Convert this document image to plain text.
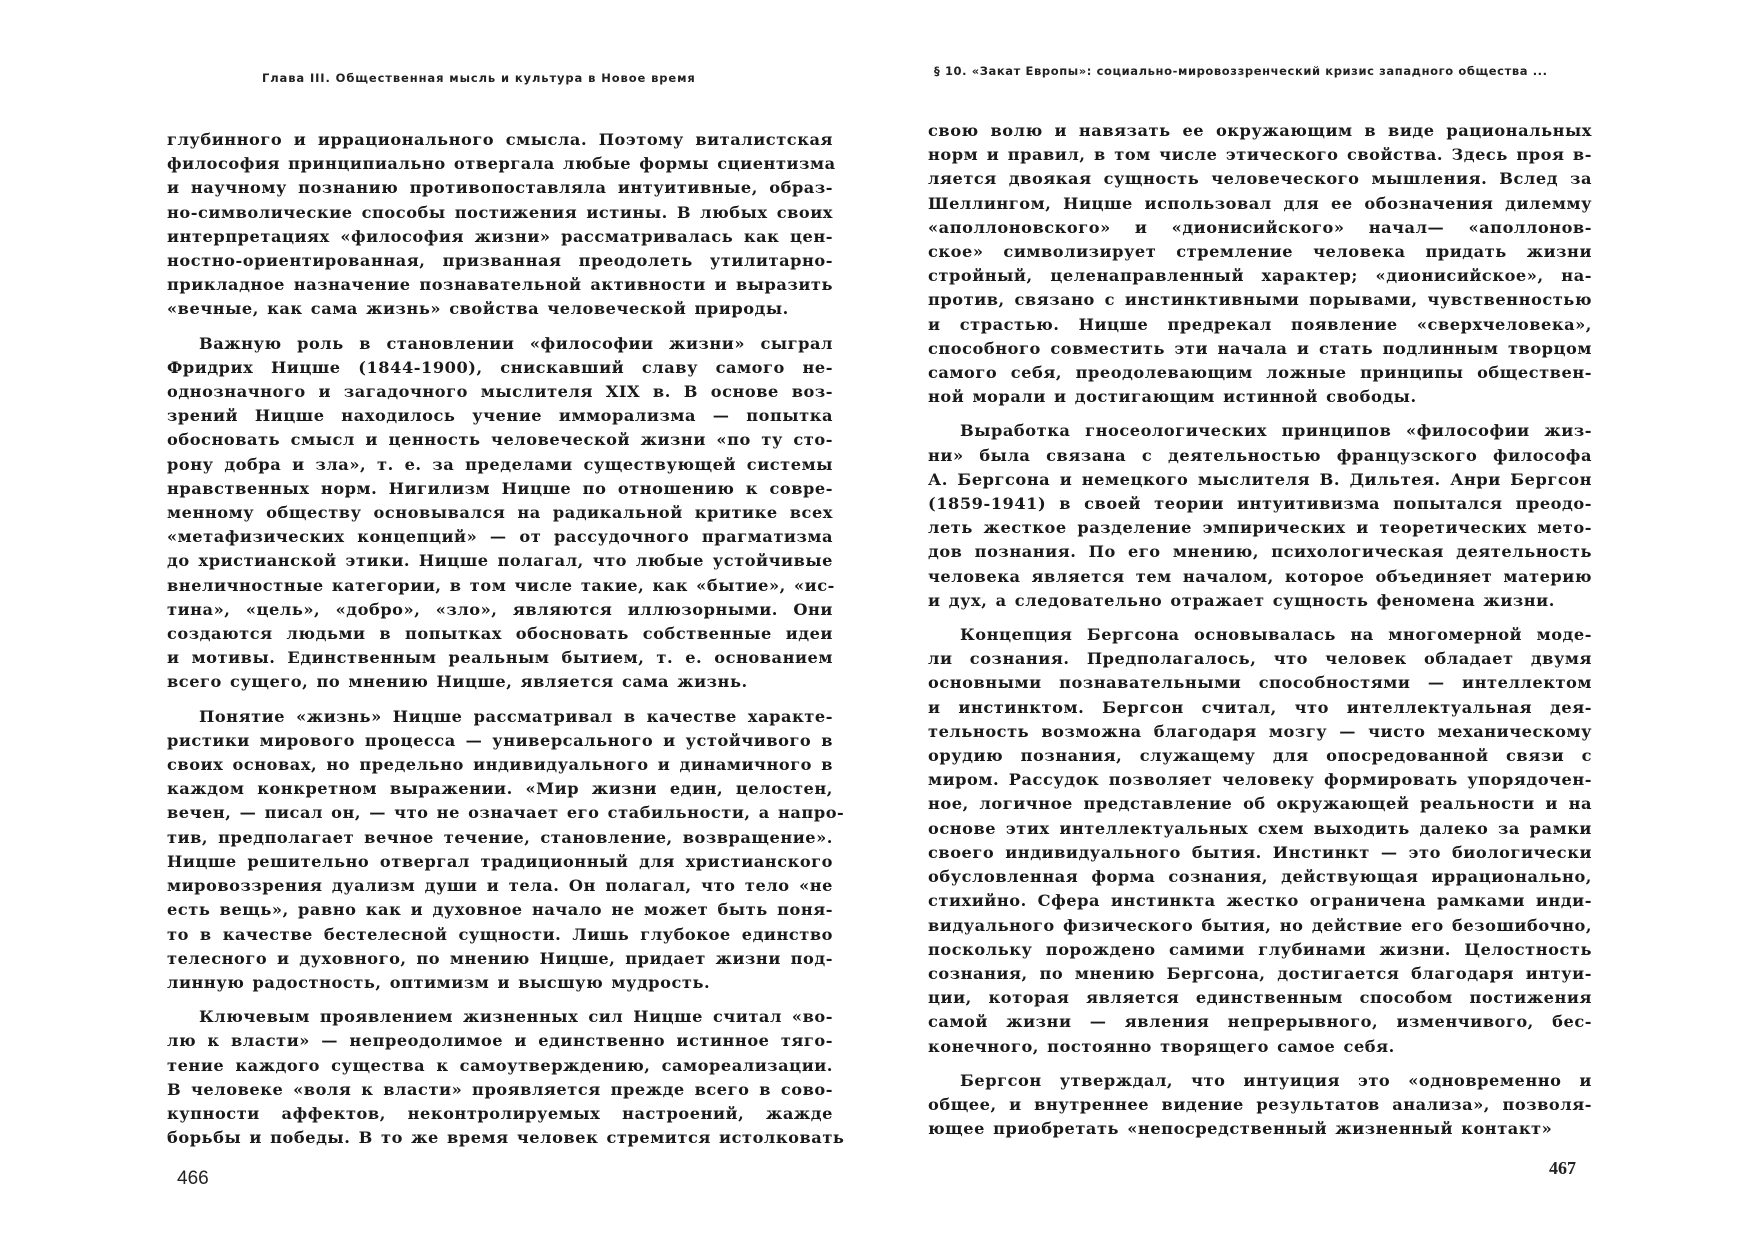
Глава III. Общественная мысль и культура в Новое время

глубинного и иррационального смысла. Поэтому виталистская
философия принципиально отвергала любые формы сциентизма
и научному познанию противопоставляла интуитивные, образ-
но-символические способы постижения истины. В любых своих
интерпретациях «философия жизни» рассматривалась как цен-
ностно-ориентированная, призванная преодолеть утилитарно-
прикладное назначение познавательной активности и выразить
«вечные, как сама жизнь» свойства человеческой природы.

Важную роль в становлении «философии жизни» сыграл
Фридрих Ницше (1844-1900), снискавший славу самого не-
однозначного и загадочного мыслителя XIX в. В основе воз-
зрений Ницше находилось учение имморализма — попытка
обосновать смысл и ценность человеческой жизни «по ту сто-
рону добра и зла», т. е. за пределами существующей системы
нравственных норм. Нигилизм Ницше по отношению к совре-
менному обществу основывался на радикальной критике всех
«метафизических концепций» — от рассудочного прагматизма
до христианской этики. Ницше полагал, что любые устойчивые
внеличностные категории, в том числе такие, как «бытие», «ис-
тина», «цель», «добро», «зло», являются иллюзорными. Они
создаются людьми в попытках обосновать собственные идеи
и мотивы. Единственным реальным бытием, т. е. основанием
всего сущего, по мнению Ницше, является сама жизнь.

Понятие «жизнь» Ницше рассматривал в качестве характе-
ристики мирового процесса — универсального и устойчивого в
своих основах, но предельно индивидуального и динамичного в
каждом конкретном выражении. «Мир жизни един, целостен,
вечен, — писал он, — что не означает его стабильности, а напро-
тив, предполагает вечное течение, становление, возвращение».
Ницше решительно отвергал традиционный для христианского
мировоззрения дуализм души и тела. Он полагал, что тело «не
есть вещь», равно как и духовное начало не может быть поня-
то в качестве бестелесной сущности. Лишь глубокое единство
телесного и духовного, по мнению Ницше, придает жизни под-
линную радостность, оптимизм и высшую мудрость.

Ключевым проявлением жизненных сил Ницше считал «во-
лю к власти» — непреодолимое и единственно истинное тяго-
тение каждого существа к самоутверждению, самореализации.
В человеке «воля к власти» проявляется прежде всего в сово-
купности аффектов, неконтролируемых настроений, жажде
борьбы и победы. В то же время человек стремится истолковать

466
§ 10. «Закат Европы»: социально-мировоззренческий кризис западного общества ...

свою волю и навязать ее окружающим в виде рациональных
норм и правил, в том числе этического свойства. Здесь проя в-
ляется двоякая сущность человеческого мышления. Вслед за
Шеллингом, Ницше использовал для ее обозначения дилемму
«аполлоновского» и «дионисийского» начал— «аполлонов-
ское» символизирует стремление человека придать жизни
стройный, целенаправленный характер; «дионисийское», на-
против, связано с инстинктивными порывами, чувственностью
и страстью. Ницше предрекал появление «сверхчеловека»,
способного совместить эти начала и стать подлинным творцом
самого себя, преодолевающим ложные принципы обществен-
ной морали и достигающим истинной свободы.

Выработка гносеологических принципов «философии жиз-
ни» была связана с деятельностью французского философа
А. Бергсона и немецкого мыслителя В. Дильтея. Анри Бергсон
(1859-1941) в своей теории интуитивизма попытался преодо-
леть жесткое разделение эмпирических и теоретических мето-
дов познания. По его мнению, психологическая деятельность
человека является тем началом, которое объединяет материю
и дух, а следовательно отражает сущность феномена жизни.

Концепция Бергсона основывалась на многомерной моде-
ли сознания. Предполагалось, что человек обладает двумя
основными познавательными способностями — интеллектом
и инстинктом. Бергсон считал, что интеллектуальная дея-
тельность возможна благодаря мозгу — чисто механическому
орудию познания, служащему для опосредованной связи с
миром. Рассудок позволяет человеку формировать упорядочен-
ное, логичное представление об окружающей реальности и на
основе этих интеллектуальных схем выходить далеко за рамки
своего индивидуального бытия. Инстинкт — это биологически
обусловленная форма сознания, действующая иррационально,
стихийно. Сфера инстинкта жестко ограничена рамками инди-
видуального физического бытия, но действие его безошибочно,
поскольку порождено самими глубинами жизни. Целостность
сознания, по мнению Бергсона, достигается благодаря интуи-
ции, которая является единственным способом постижения
самой жизни — явления непрерывного, изменчивого, бес-
конечного, постоянно творящего самое себя.

Бергсон утверждал, что интуиция это «одновременно и
общее, и внутреннее видение результатов анализа», позволя-
ющее приобретать «непосредственный жизненный контакт»

467
